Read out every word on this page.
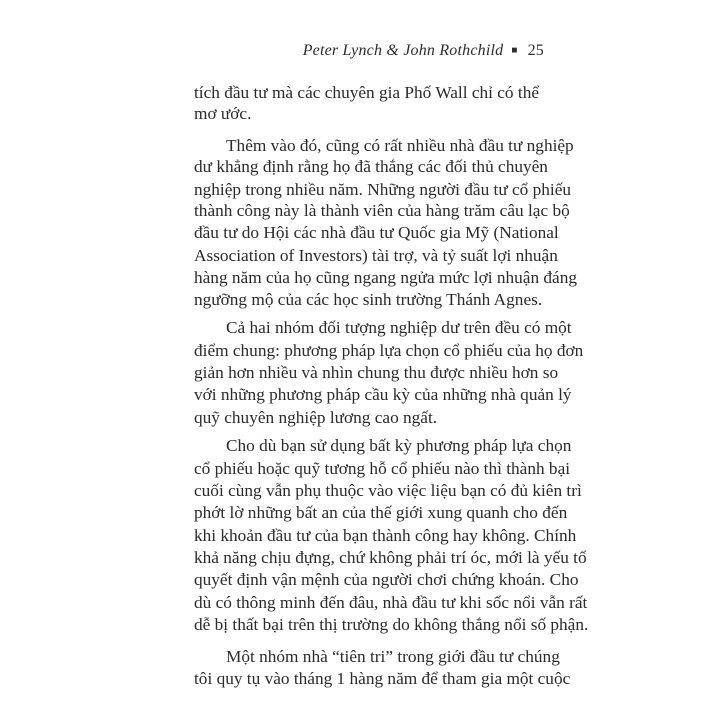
Peter Lynch & John Rothchild ■ 25
tích đầu tư mà các chuyên gia Phố Wall chỉ có thể
mơ ước.
Thêm vào đó, cũng có rất nhiều nhà đầu tư nghiệp
dư khẳng định rằng họ đã thắng các đối thủ chuyên
nghiệp trong nhiều năm. Những người đầu tư cổ phiếu
thành công này là thành viên của hàng trăm câu lạc bộ
đầu tư do Hội các nhà đầu tư Quốc gia Mỹ (National
Association of Investors) tài trợ, và tỷ suất lợi nhuận
hàng năm của họ cũng ngang ngửa mức lợi nhuận đáng
ngưỡng mộ của các học sinh trường Thánh Agnes.
Cả hai nhóm đối tượng nghiệp dư trên đều có một
điểm chung: phương pháp lựa chọn cổ phiếu của họ đơn
giản hơn nhiều và nhìn chung thu được nhiều hơn so
với những phương pháp cầu kỳ của những nhà quản lý
quỹ chuyên nghiệp lương cao ngất.
Cho dù bạn sử dụng bất kỳ phương pháp lựa chọn
cổ phiếu hoặc quỹ tương hỗ cổ phiếu nào thì thành bại
cuối cùng vẫn phụ thuộc vào việc liệu bạn có đủ kiên trì
phớt lờ những bất an của thế giới xung quanh cho đến
khi khoản đầu tư của bạn thành công hay không. Chính
khả năng chịu đựng, chứ không phải trí óc, mới là yếu tố
quyết định vận mệnh của người chơi chứng khoán. Cho
dù có thông minh đến đâu, nhà đầu tư khi sốc nổi vẫn rất
dễ bị thất bại trên thị trường do không thắng nổi số phận.
Một nhóm nhà “tiên tri” trong giới đầu tư chúng
tôi quy tụ vào tháng 1 hàng năm để tham gia một cuộc
